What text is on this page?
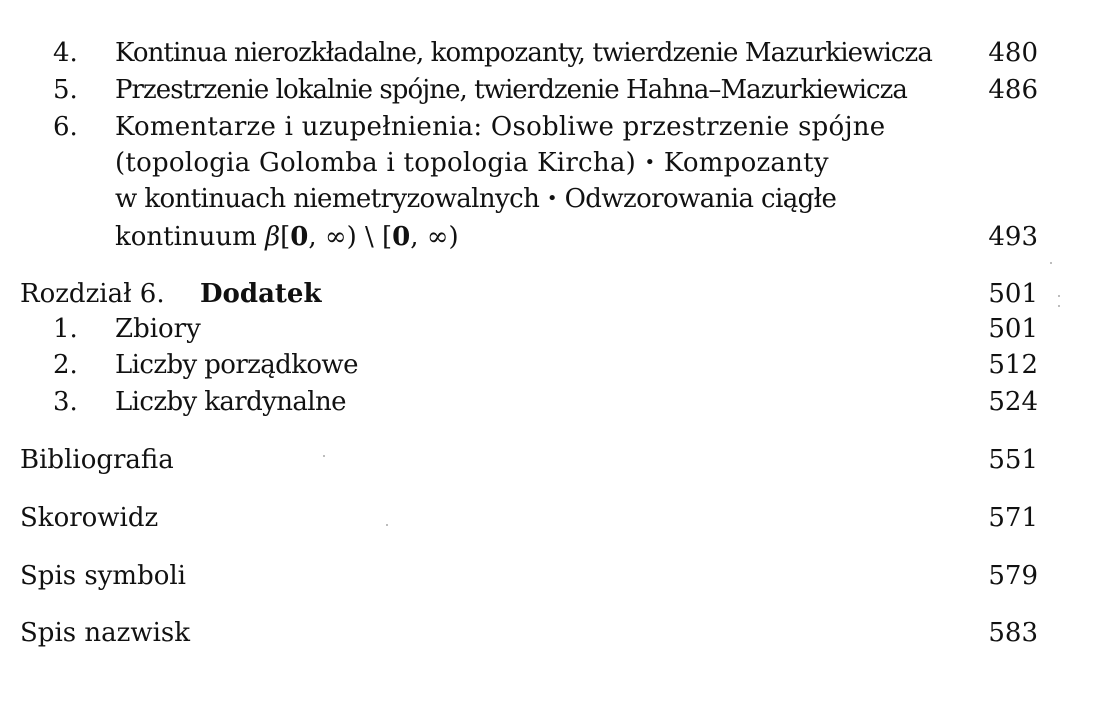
4. Kontinua nierozkładalne, kompozanty, twierdzenie Mazurkiewicza 480
5. Przestrzenie lokalnie spójne, twierdzenie Hahna–Mazurkiewicza	486
6. Komentarze i uzupełnienia: Osobliwe przestrzenie spójne
(topologia Golomba i topologia Kircha) • Kompozanty
w kontinuach niemetryzowalnych • Odwzorowania ciągłe
kontinuum β[0, ∞) \ [0, ∞)	493
Rozdział 6. Dodatek	501
1. Zbiory	501
2. Liczby porządkowe	512
3. Liczby kardynalne	524
Bibliografia	551
Skorowidz	571
Spis symboli	579
Spis nazwisk	583
